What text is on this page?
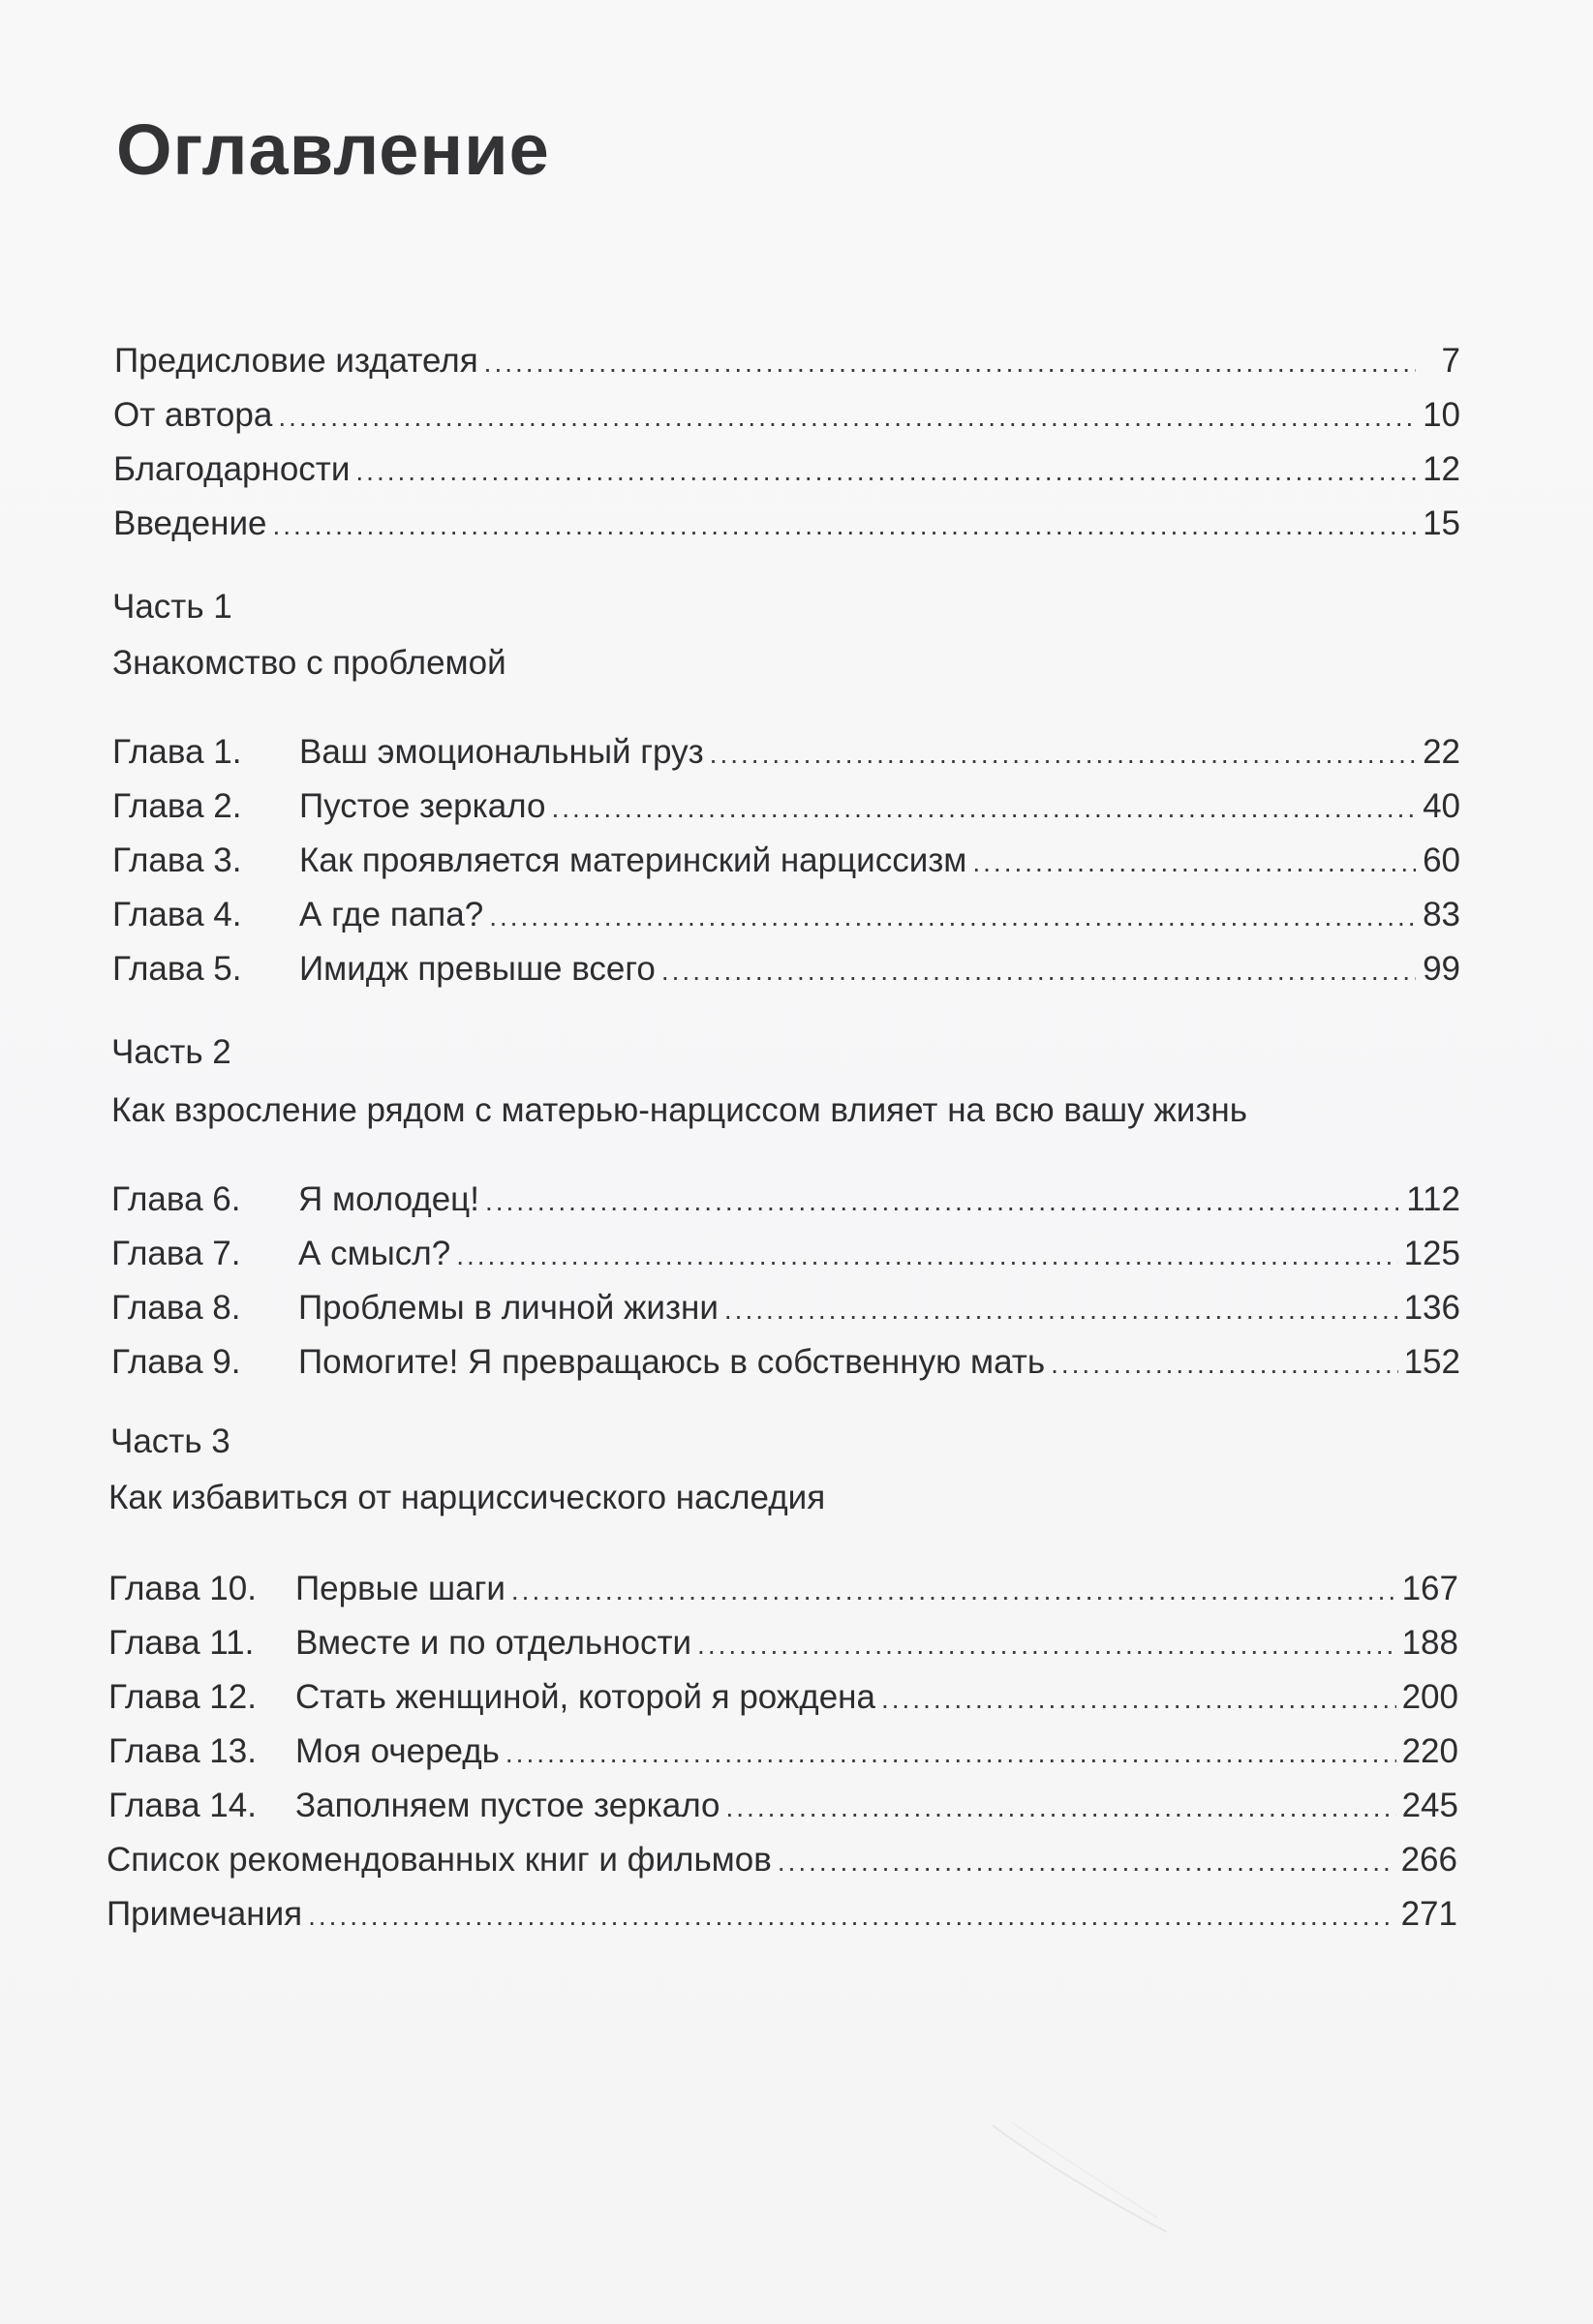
Оглавление
Предисловие издателя .....	7
От автора .....	10
Благодарности .....	12
Введение .....	15
Часть 1
Знакомство с проблемой
Глава 1.	Ваш эмоциональный груз .....	22
Глава 2.	Пустое зеркало .....	40
Глава 3.	Как проявляется материнский нарциссизм .....	60
Глава 4.	А где папа? .....	83
Глава 5.	Имидж превыше всего .....	99
Часть 2
Как взросление рядом с матерью-нарциссом влияет на всю вашу жизнь
Глава 6.	Я молодец! .....	112
Глава 7.	А смысл? .....	125
Глава 8.	Проблемы в личной жизни .....	136
Глава 9.	Помогите! Я превращаюсь в собственную мать .....	152
Часть 3
Как избавиться от нарциссического наследия
Глава 10.	Первые шаги .....	167
Глава 11.	Вместе и по отдельности .....	188
Глава 12.	Стать женщиной, которой я рождена .....	200
Глава 13.	Моя очередь .....	220
Глава 14.	Заполняем пустое зеркало .....	245
Список рекомендованных книг и фильмов .....	266
Примечания .....	271
